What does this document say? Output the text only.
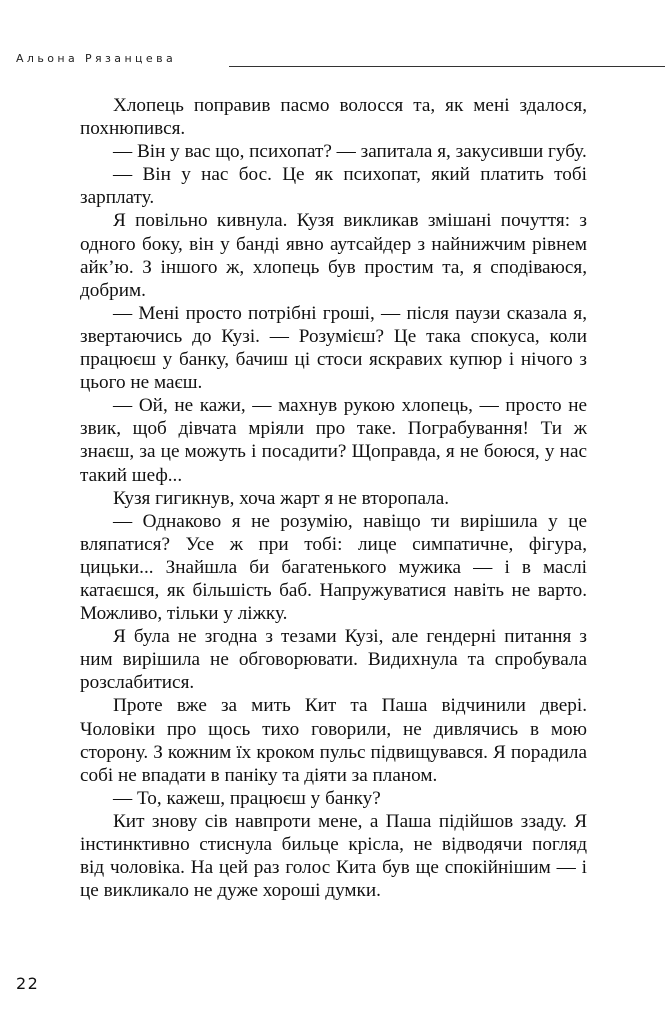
Альона Рязанцева

Хлопець поправив пасмо волосся та, як мені здалося, похнюпився.

— Він у вас що, психопат? — запитала я, закусивши губу.

— Він у нас бос. Це як психопат, який платить тобі зарплату.

Я повільно кивнула. Кузя викликав змішані почуття: з одного боку, він у банді явно аутсайдер з найнижчим рівнем айк’ю. З іншого ж, хлопець був простим та, я сподіваюся, добрим.

— Мені просто потрібні гроші, — після паузи сказала я, звертаючись до Кузі. — Розумієш? Це така спокуса, коли працюєш у банку, бачиш ці стоси яскравих купюр і нічого з цього не маєш.

— Ой, не кажи, — махнув рукою хлопець, — просто не звик, щоб дівчата мріяли про таке. Пограбування! Ти ж знаєш, за це можуть і посадити? Щоправда, я не боюся, у нас такий шеф...

Кузя гигикнув, хоча жарт я не второпала.

— Однаково я не розумію, навіщо ти вирішила у це вляпатися? Усе ж при тобі: лице симпатичне, фігура, цицьки... Знайшла би багатенького мужика — і в маслі катаєшся, як більшість баб. Напружуватися навіть не варто. Можливо, тільки у ліжку.

Я була не згодна з тезами Кузі, але гендерні питання з ним вирішила не обговорювати. Видихнула та спробувала розслабитися.

Проте вже за мить Кит та Паша відчинили двері. Чоловіки про щось тихо говорили, не дивлячись в мою сторону. З кожним їх кроком пульс підвищувався. Я порадила собі не впадати в паніку та діяти за планом.

— То, кажеш, працюєш у банку?

Кит знову сів навпроти мене, а Паша підійшов ззаду. Я інстинктивно стиснула бильце крісла, не відводячи погляд від чоловіка. На цей раз голос Кита був ще спокійнішим — і це викликало не дуже хороші думки.

22
